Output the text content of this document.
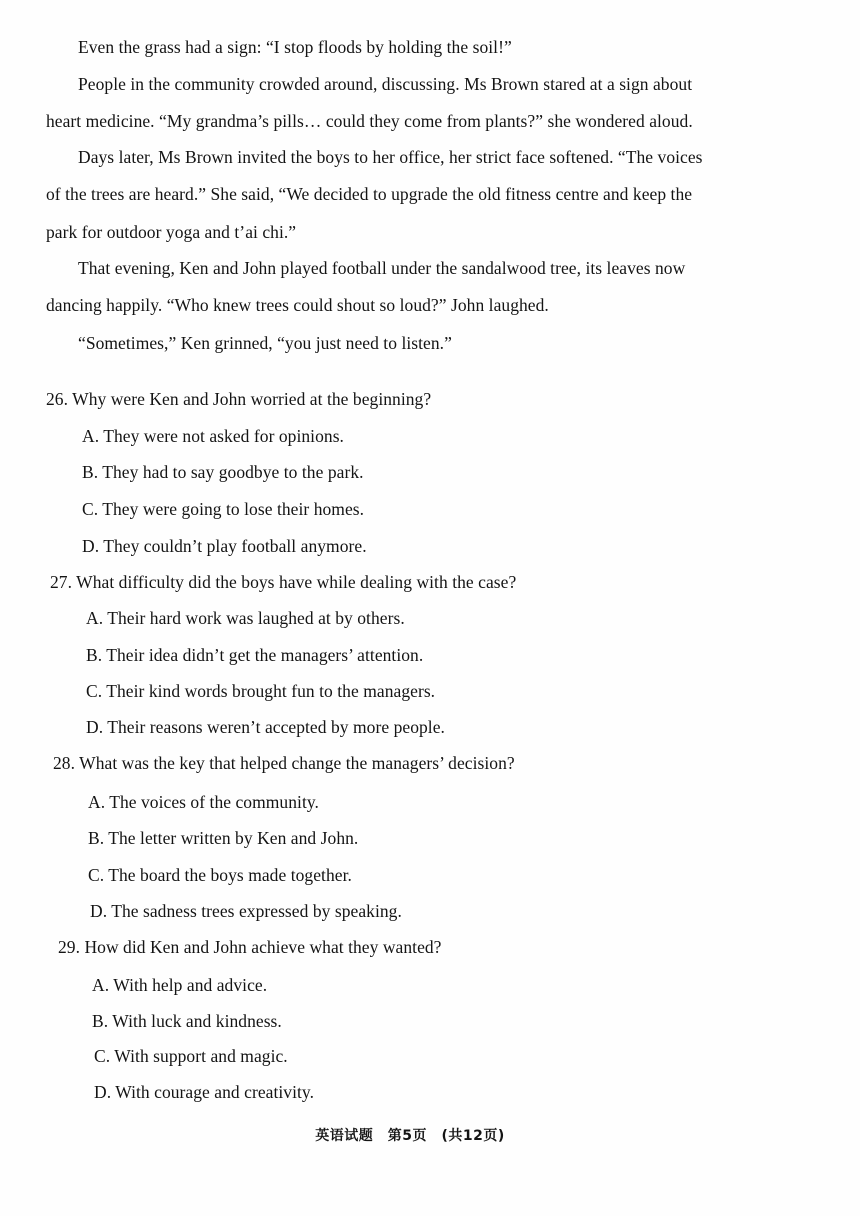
Even the grass had a sign: “I stop floods by holding the soil!”
People in the community crowded around, discussing. Ms Brown stared at a sign about
heart medicine. “My grandma’s pills… could they come from plants?” she wondered aloud.
Days later, Ms Brown invited the boys to her office, her strict face softened. “The voices
of the trees are heard.” She said, “We decided to upgrade the old fitness centre and keep the
park for outdoor yoga and t’ai chi.”
That evening, Ken and John played football under the sandalwood tree, its leaves now
dancing happily. “Who knew trees could shout so loud?” John laughed.
“Sometimes,” Ken grinned, “you just need to listen.”
26. Why were Ken and John worried at the beginning?
A. They were not asked for opinions.
B. They had to say goodbye to the park.
C. They were going to lose their homes.
D. They couldn’t play football anymore.
27. What difficulty did the boys have while dealing with the case?
A. Their hard work was laughed at by others.
B. Their idea didn’t get the managers’ attention.
C. Their kind words brought fun to the managers.
D. Their reasons weren’t accepted by more people.
28. What was the key that helped change the managers’ decision?
A. The voices of the community.
B. The letter written by Ken and John.
C. The board the boys made together.
D. The sadness trees expressed by speaking.
29. How did Ken and John achieve what they wanted?
A. With help and advice.
B. With luck and kindness.
C. With support and magic.
D. With courage and creativity.
英语试题　第5页　(共12页)
